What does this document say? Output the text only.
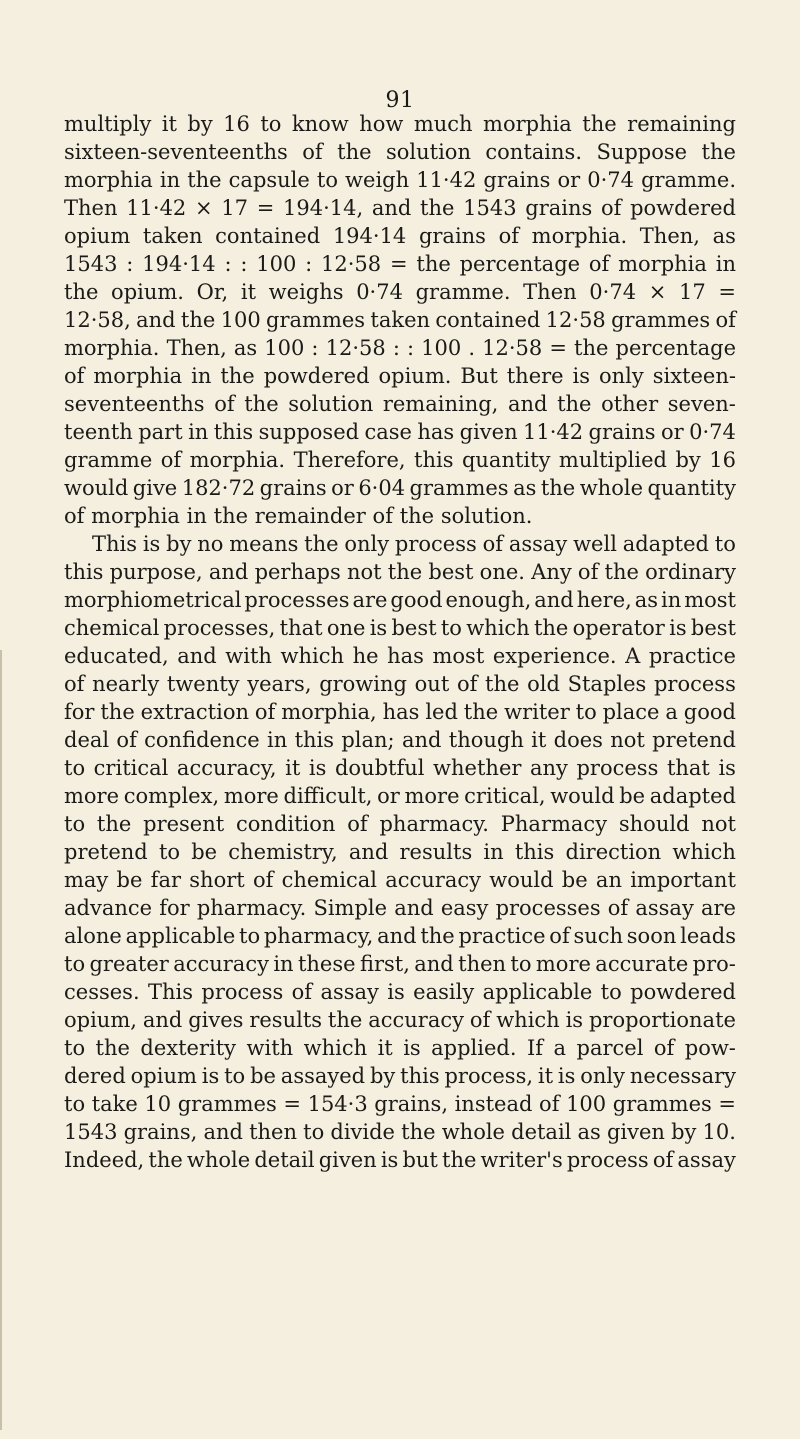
91
multiply it by 16 to know how much morphia the remaining
sixteen-seventeenths of the solution contains. Suppose the
morphia in the capsule to weigh 11·42 grains or 0·74 gramme.
Then 11·42 × 17 = 194·14, and the 1543 grains of powdered
opium taken contained 194·14 grains of morphia. Then, as
1543 : 194·14 : : 100 : 12·58 = the percentage of morphia in
the opium. Or, it weighs 0·74 gramme. Then 0·74 × 17 =
12·58, and the 100 grammes taken contained 12·58 grammes of
morphia. Then, as 100 : 12·58 : : 100 . 12·58 = the percentage
of morphia in the powdered opium. But there is only sixteen-
seventeenths of the solution remaining, and the other seven-
teenth part in this supposed case has given 11·42 grains or 0·74
gramme of morphia. Therefore, this quantity multiplied by 16
would give 182·72 grains or 6·04 grammes as the whole quantity
of morphia in the remainder of the solution.
This is by no means the only process of assay well adapted to
this purpose, and perhaps not the best one. Any of the ordinary
morphiometrical processes are good enough, and here, as in most
chemical processes, that one is best to which the operator is best
educated, and with which he has most experience. A practice
of nearly twenty years, growing out of the old Staples process
for the extraction of morphia, has led the writer to place a good
deal of confidence in this plan; and though it does not pretend
to critical accuracy, it is doubtful whether any process that is
more complex, more difficult, or more critical, would be adapted
to the present condition of pharmacy. Pharmacy should not
pretend to be chemistry, and results in this direction which
may be far short of chemical accuracy would be an important
advance for pharmacy. Simple and easy processes of assay are
alone applicable to pharmacy, and the practice of such soon leads
to greater accuracy in these first, and then to more accurate pro-
cesses. This process of assay is easily applicable to powdered
opium, and gives results the accuracy of which is proportionate
to the dexterity with which it is applied. If a parcel of pow-
dered opium is to be assayed by this process, it is only necessary
to take 10 grammes = 154·3 grains, instead of 100 grammes =
1543 grains, and then to divide the whole detail as given by 10.
Indeed, the whole detail given is but the writer's process of assay
